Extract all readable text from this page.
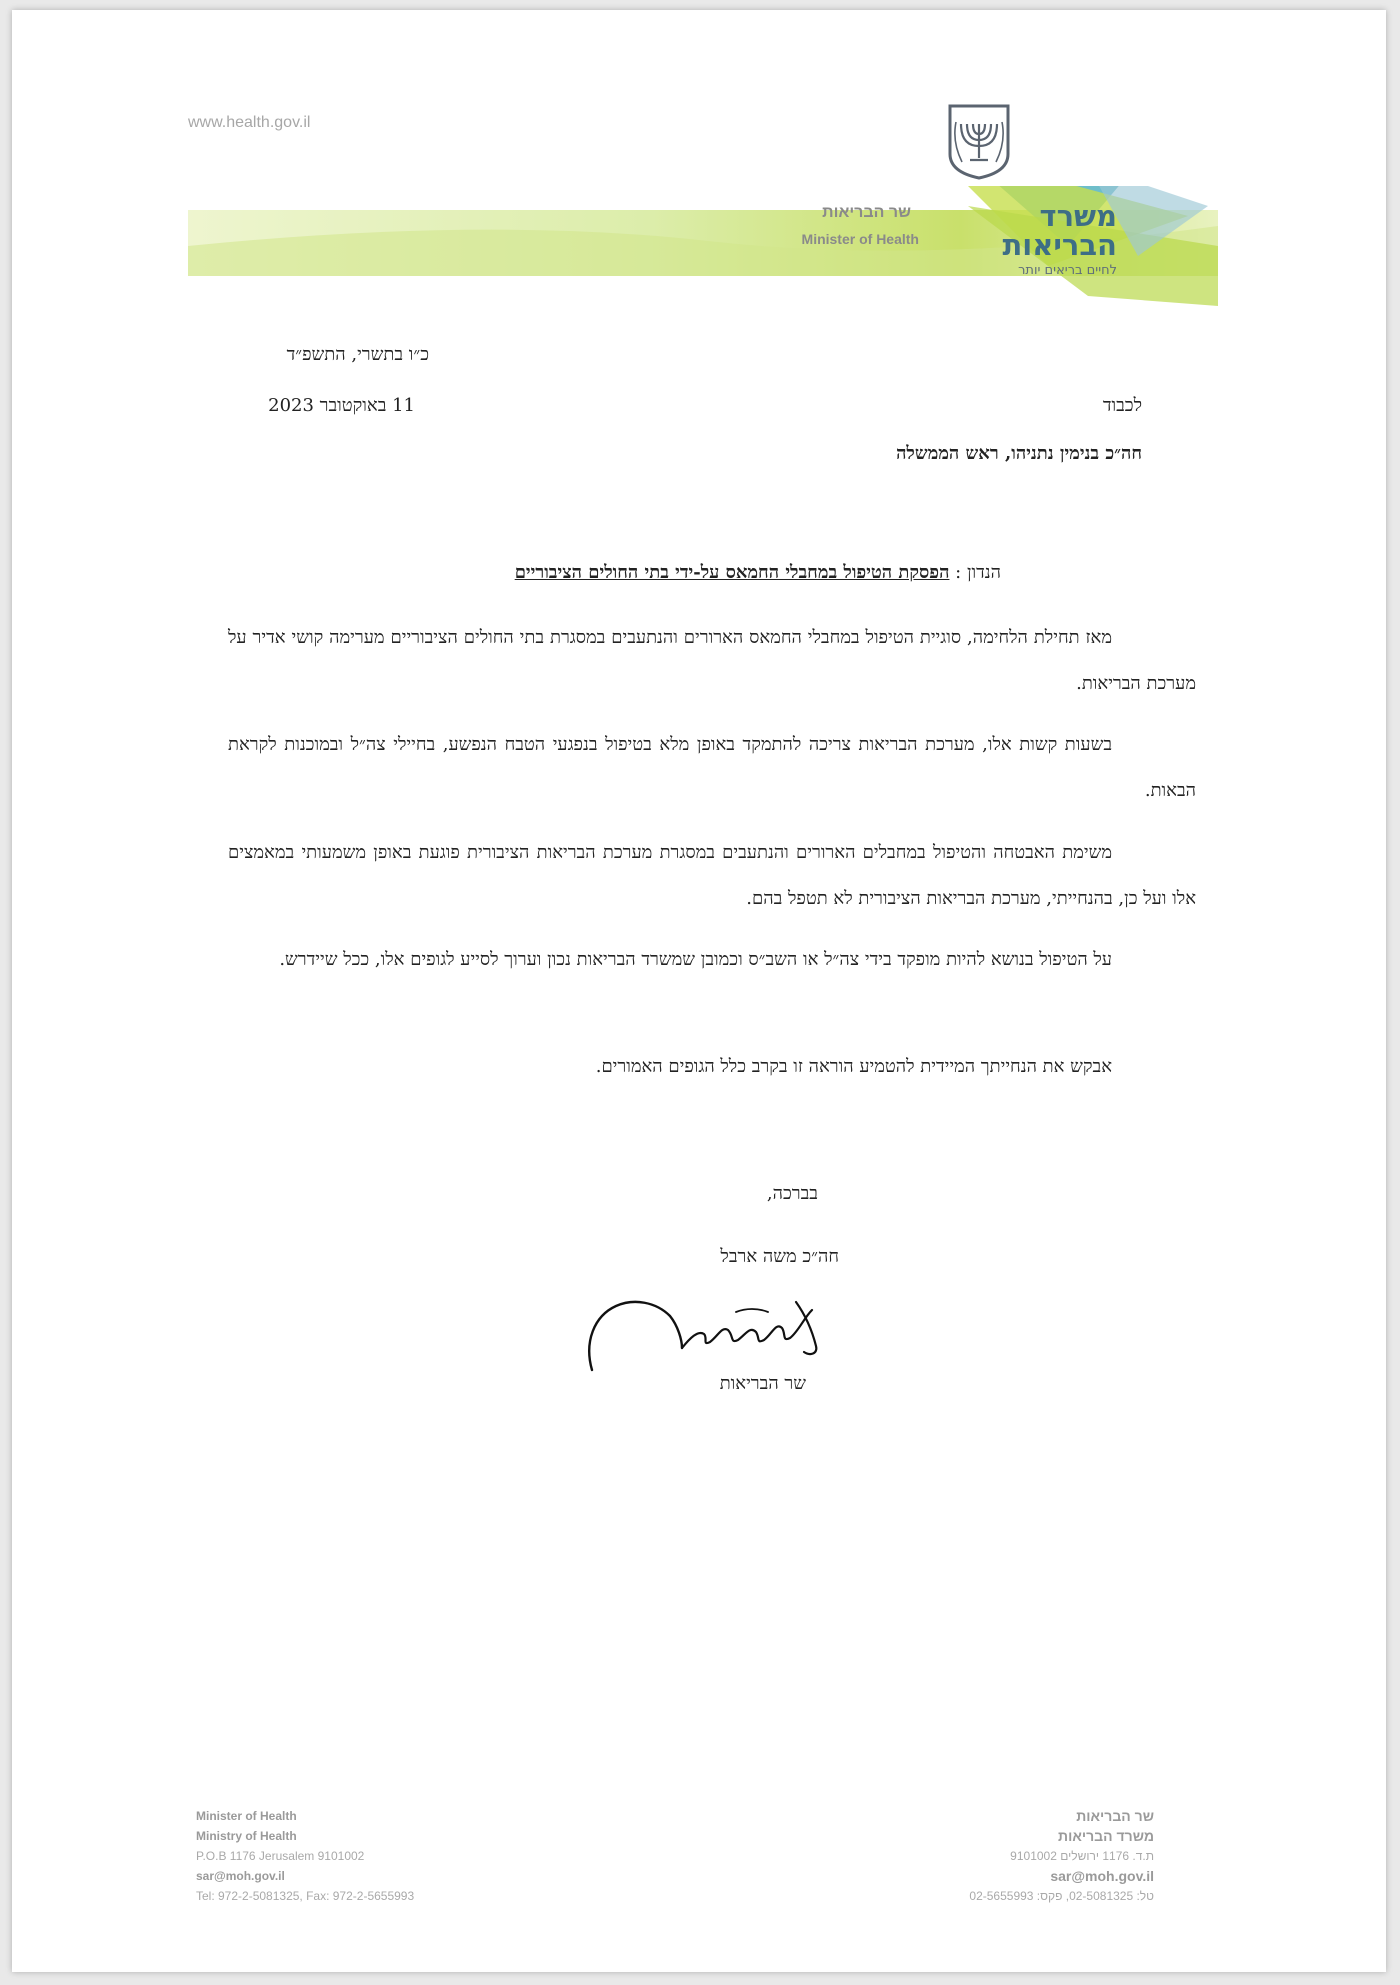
www.health.gov.il
שר הבריאות
Minister of Health
משרד
הבריאות
לחיים בריאים יותר
כ״ו בתשרי, התשפ״ד
11 באוקטובר 2023	לכבוד
חה״כ בנימין נתניהו, ראש הממשלה
הנדון : הפסקת הטיפול במחבלי החמאס על-ידי בתי החולים הציבוריים
מאז תחילת הלחימה, סוגיית הטיפול במחבלי החמאס הארורים והנתעבים במסגרת בתי החולים הציבוריים מערימה קושי אדיר על מערכת הבריאות.
בשעות קשות אלו, מערכת הבריאות צריכה להתמקד באופן מלא בטיפול בנפגעי הטבח הנפשע, בחיילי צה״ל ובמוכנות לקראת הבאות.
משימת האבטחה והטיפול במחבלים הארורים והנתעבים במסגרת מערכת הבריאות הציבורית פוגעת באופן משמעותי במאמצים אלו ועל כן, בהנחייתי, מערכת הבריאות הציבורית לא תטפל בהם.
על הטיפול בנושא להיות מופקד בידי צה״ל או השב״ס וכמובן שמשרד הבריאות נכון וערוך לסייע לגופים אלו, ככל שיידרש.
אבקש את הנחייתך המיידית להטמיע הוראה זו בקרב כלל הגופים האמורים.
בברכה,
חה״כ משה ארבל
שר הבריאות
Minister of Health
Ministry of Health
P.O.B 1176 Jerusalem 9101002
sar@moh.gov.il
Tel: 972-2-5081325, Fax: 972-2-5655993
שר הבריאות
משרד הבריאות
ת.ד. 1176 ירושלים 9101002
sar@moh.gov.il
טל: 02-5081325, פקס: 02-5655993
